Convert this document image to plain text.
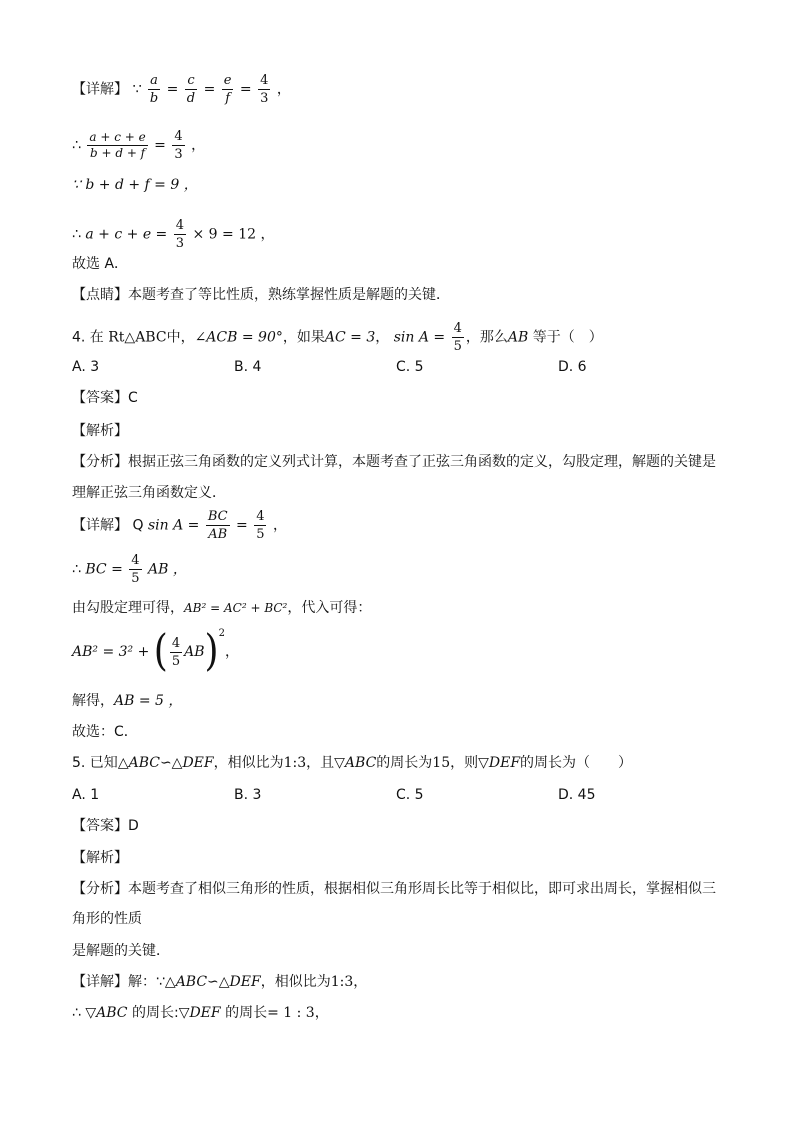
【详解】 ∵ $\frac{a}{b} = \frac{c}{d} = \frac{e}{f} = \frac{4}{3}$ ，
∴ $\frac{a + c + e}{b + d + f} = \frac{4}{3}$ ，
∵ b + d + f = 9 ，
∴ $a + c + e = \frac{4}{3} \times 9 = 12$ ，
故选 A．
【点睛】本题考查了等比性质，熟练掌握性质是解题的关键．
4. 在 Rt△ABC中，∠ACB = 90°，如果AC = 3， $\sin A = \frac{4}{5}$ ，那么AB 等于（　）
A. 3	B. 4	C. 5	D. 6
【答案】C
【解析】
【分析】根据正弦三角函数的定义列式计算，本题考查了正弦三角函数的定义，勾股定理，解题的关键是
理解正弦三角函数定义．
【详解】 Q $\sin A = \frac{BC}{AB} = \frac{4}{5}$ ，
∴ BC = $\frac{4}{5}$ AB ，
由勾股定理可得，AB² = AC² + BC²，代入可得：
AB² = 3² + ( $\frac{4}{5} AB)^2$，
解得，AB = 5 ，
故选：C．
5. 已知△ABC∽△DEF，相似比为1:3，且▽ABC的周长为15，则▽DEF的周长为（　　）
A. 1	B. 3	C. 5	D. 45
【答案】D
【解析】
【分析】本题考查了相似三角形的性质，根据相似三角形周长比等于相似比，即可求出周长，掌握相似三
角形的性质
是解题的关键．
【详解】解：∵△ABC∽△DEF，相似比为1:3，
∴ ▽ABC 的周长:▽DEF 的周长= 1 : 3，
